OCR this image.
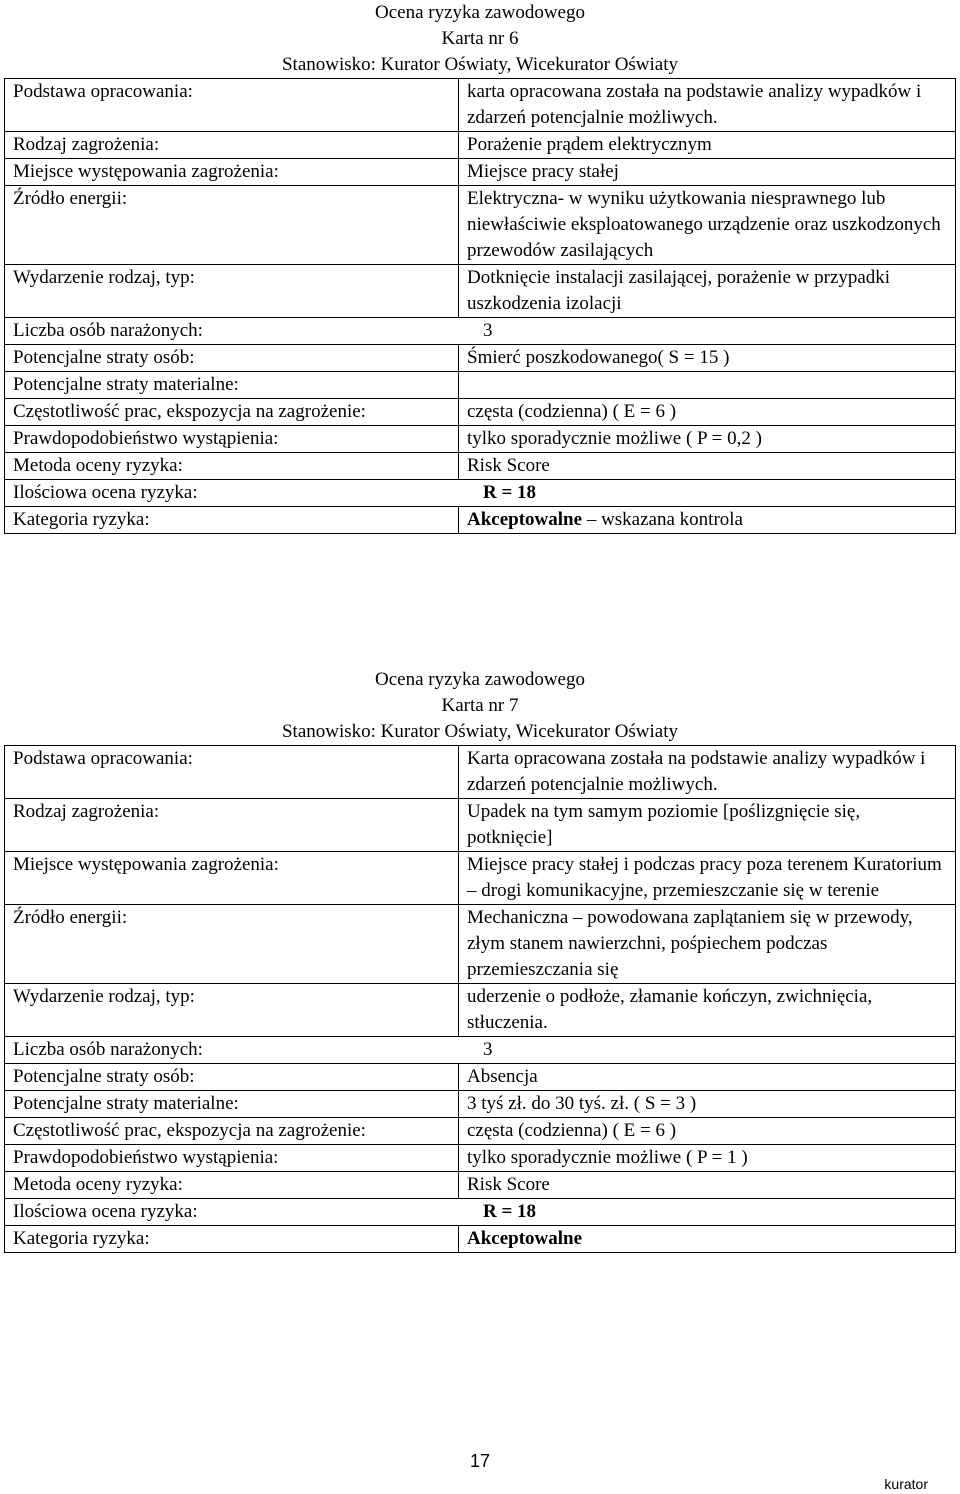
Ocena ryzyka zawodowego
Karta nr 6
Stanowisko: Kurator Oświaty, Wicekurator Oświaty
Podstawa opracowania:	karta opracowana została na podstawie analizy wypadków i zdarzeń potencjalnie możliwych.
Rodzaj zagrożenia:	Porażenie prądem elektrycznym
Miejsce występowania zagrożenia:	Miejsce pracy stałej
Źródło energii:	Elektryczna- w wyniku użytkowania niesprawnego lub niewłaściwie eksploatowanego urządzenie oraz uszkodzonych przewodów zasilających
Wydarzenie rodzaj, typ:	Dotknięcie instalacji zasilającej, porażenie w przypadki uszkodzenia izolacji
Liczba osób narażonych: 3	

Potencjalne straty osób:	Śmierć poszkodowanego( S = 15 )
Potencjalne straty materialne:	
Częstotliwość prac, ekspozycja na zagrożenie:	częsta (codzienna) ( E = 6 )
Prawdopodobieństwo wystąpienia:	tylko sporadycznie możliwe ( P = 0,2 )
Metoda oceny ryzyka:	Risk Score
Ilościowa ocena ryzyka: R = 18	

Kategoria ryzyka:	Akceptowalne – wskazana kontrola
Ocena ryzyka zawodowego
Karta nr 7
Stanowisko: Kurator Oświaty, Wicekurator Oświaty
Podstawa opracowania:	Karta opracowana została na podstawie analizy wypadków i zdarzeń potencjalnie możliwych.
Rodzaj zagrożenia:	Upadek na tym samym poziomie [poślizgnięcie się, potknięcie]
Miejsce występowania zagrożenia:	Miejsce pracy stałej i podczas pracy poza terenem Kuratorium – drogi komunikacyjne, przemieszczanie się w terenie
Źródło energii:	Mechaniczna – powodowana zaplątaniem się w przewody, złym stanem nawierzchni, pośpiechem podczas przemieszczania się
Wydarzenie rodzaj, typ:	uderzenie o podłoże, złamanie kończyn, zwichnięcia, stłuczenia.
Liczba osób narażonych: 3	

Potencjalne straty osób:	Absencja
Potencjalne straty materialne:	3 tyś zł. do 30 tyś. zł. ( S = 3 )
Częstotliwość prac, ekspozycja na zagrożenie:	częsta (codzienna) ( E = 6 )
Prawdopodobieństwo wystąpienia:	tylko sporadycznie możliwe ( P = 1 )
Metoda oceny ryzyka:	Risk Score
Ilościowa ocena ryzyka: R = 18	

Kategoria ryzyka:	Akceptowalne
17
kurator
